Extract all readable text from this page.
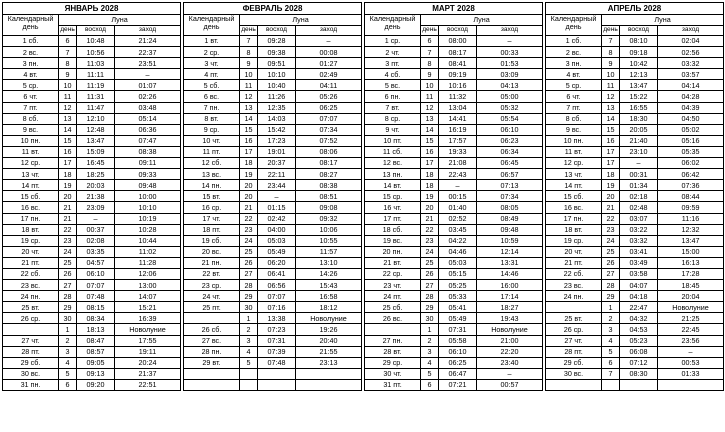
ЯНВАРЬ 2028			
Календарный день	Луна		
	день	восход	заход
1 сб.	6	10:48	21:24
2 вс.	7	10:56	22:37
3 пн.	8	11:03	23:51
4 вт.	9	11:11	–
5 ср.	10	11:19	01:07
6 чт.	11	11:31	02:26
7 пт.	12	11:47	03:48
8 сб.	13	12:10	05:14
9 вс.	14	12:48	06:36
10 пн.	15	13:47	07:47
11 вт.	16	15:09	08:38
12 ср.	17	16:45	09:11
13 чт.	18	18:25	09:33
14 пт.	19	20:03	09:48
15 сб.	20	21:38	10:00
16 вс.	21	23:09	10:10
17 пн.	21	–	10:19
18 вт.	22	00:37	10:28
19 ср.	23	02:08	10:44
20 чт.	24	03:35	11:02
21 пт.	25	04:57	11:28
22 сб.	26	06:10	12:06
23 вс.	27	07:07	13:00
24 пн.	28	07:48	14:07
25 вт.	29	08:15	15:21
26 ср.	30	08:34	16:39
	1	18:13	Новолуние
27 чт.	2	08:47	17:55
28 пт.	3	08:57	19:11
29 сб.	4	09:05	20:24
30 вс.	5	09:13	21:37
31 пн.	6	09:20	22:51
ФЕВРАЛЬ 2028			
Календарный день	Луна		
	день	восход	заход
1 вт.	7	09:28	–
2 ср.	8	09:38	00:08
3 чт.	9	09:51	01:27
4 пт.	10	10:10	02:49
5 сб.	11	10:40	04:11
6 вс.	12	11:26	05:26
7 пн.	13	12:35	06:25
8 вт.	14	14:03	07:07
9 ср.	15	15:42	07:34
10 чт.	16	17:23	07:52
11 пт.	17	19:01	08:06
12 сб.	18	20:37	08:17
13 вс.	19	22:11	08:27
14 пн.	20	23:44	08:38
15 вт.	20	–	08:51
16 ср.	21	01:15	09:08
17 чт.	22	02:42	09:32
18 пт.	23	04:00	10:06
19 сб.	24	05:03	10:55
20 вс.	25	05:49	11:57
21 пн.	26	06:20	13:10
22 вт.	27	06:41	14:26
23 ср.	28	06:56	15:43
24 чт.	29	07:07	16:58
25 пт.	30	07:16	18:12
	1	13:38	Новолуние
26 сб.	2	07:23	19:26
27 вс.	3	07:31	20:40
28 пн.	4	07:39	21:55
29 вт.	5	07:48	23:13

МАРТ 2028			
Календарный день	Луна		
	день	восход	заход
1 ср.	6	08:00	–
2 чт.	7	08:17	00:33
3 пт.	8	08:41	01:53
4 сб.	9	09:19	03:09
5 вс.	10	10:16	04:13
6 пн.	11	11:32	05:00
7 вт.	12	13:04	05:32
8 ср.	13	14:41	05:54
9 чт.	14	16:19	06:10
10 пт.	15	17:57	06:23
11 сб.	16	19:33	06:34
12 вс.	17	21:08	06:45
13 пн.	18	22:43	06:57
14 вт.	18	–	07:13
15 ср.	19	00:15	07:34
16 чт.	20	01:40	08:05
17 пт.	21	02:52	08:49
18 сб.	22	03:45	09:48
19 вс.	23	04:22	10:59
20 пн.	24	04:46	12:14
21 вт.	25	05:03	13:31
22 ср.	26	05:15	14:46
23 чт.	27	05:25	16:00
24 пт.	28	05:33	17:14
25 сб.	29	05:41	18:27
26 вс.	30	05:49	19:43
	1	07:31	Новолуние
27 пн.	2	05:58	21:00
28 вт.	3	06:10	22:20
29 ср.	4	06:25	23:40
30 чт.	5	06:47	–
31 пт.	6	07:21	00:57
АПРЕЛЬ 2028			
Календарный день	Луна		
	день	восход	заход
1 сб.	7	08:10	02:04
2 вс.	8	09:18	02:56
3 пн.	9	10:42	03:32
4 вт.	10	12:13	03:57
5 ср.	11	13:47	04:14
6 чт.	12	15:22	04:28
7 пт.	13	16:55	04:39
8 сб.	14	18:30	04:50
9 вс.	15	20:05	05:02
10 пн.	16	21:40	05:16
11 вт.	17	23:10	05:35
12 ср.	17	–	06:02
13 чт.	18	00:31	06:42
14 пт.	19	01:34	07:36
15 сб.	20	02:18	08:44
16 вс.	21	02:48	09:59
17 пн.	22	03:07	11:16
18 вт.	23	03:22	12:32
19 ср.	24	03:32	13:47
20 чт.	25	03:41	15:00
21 пт.	26	03:49	16:13
22 сб.	27	03:58	17:28
23 вс.	28	04:07	18:45
24 пн.	29	04:18	20:04
	1	22:47	Новолуние
25 вт.	2	04:32	21:25
26 ср.	3	04:53	22:45
27 чт.	4	05:23	23:56
28 пт.	5	06:08	–
29 сб.	6	07:12	00:53
30 вс.	7	08:30	01:33
